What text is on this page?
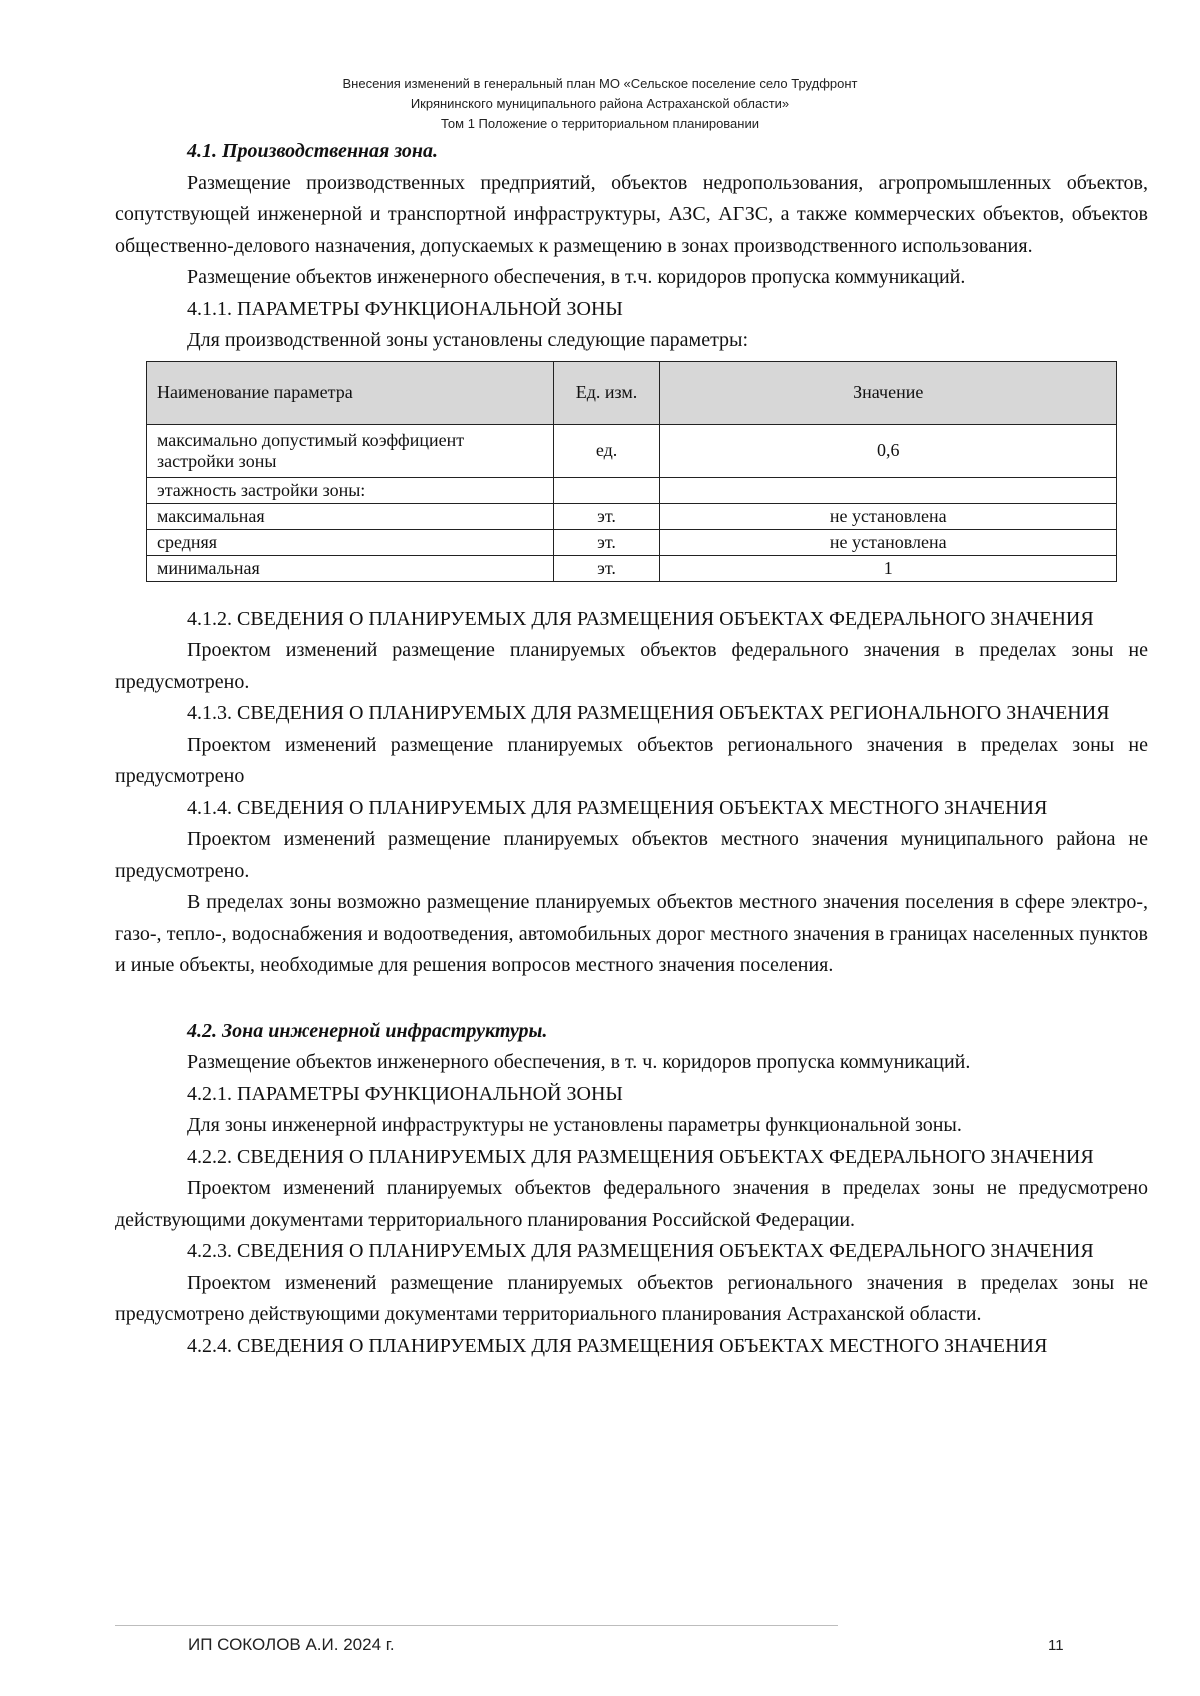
Внесения изменений в генеральный план МО «Сельское поселение село Трудфронт
Икрянинского муниципального района Астраханской области»
Том 1 Положение о территориальном планировании

4.1. Производственная зона.

Размещение производственных предприятий, объектов недропользования, агропромышленных объектов, сопутствующей инженерной и транспортной инфраструктуры, АЗС, АГЗС, а также коммерческих объектов, объектов общественно-делового назначения, допускаемых к размещению в зонах производственного использования.

Размещение объектов инженерного обеспечения, в т.ч. коридоров пропуска коммуникаций.

4.1.1. ПАРАМЕТРЫ ФУНКЦИОНАЛЬНОЙ ЗОНЫ

Для производственной зоны установлены следующие параметры:

Наименование параметра	Ед. изм.	Значение
максимально допустимый коэффициент застройки зоны	ед.	0,6
этажность застройки зоны:		
максимальная	эт.	не установлена
средняя	эт.	не установлена
минимальная	эт.	1

4.1.2. СВЕДЕНИЯ О ПЛАНИРУЕМЫХ ДЛЯ РАЗМЕЩЕНИЯ ОБЪЕКТАХ ФЕДЕРАЛЬНОГО ЗНАЧЕНИЯ

Проектом изменений размещение планируемых объектов федерального значения в пределах зоны не предусмотрено.

4.1.3. СВЕДЕНИЯ О ПЛАНИРУЕМЫХ ДЛЯ РАЗМЕЩЕНИЯ ОБЪЕКТАХ РЕГИОНАЛЬНОГО ЗНАЧЕНИЯ

Проектом изменений размещение планируемых объектов регионального значения в пределах зоны не предусмотрено

4.1.4. СВЕДЕНИЯ О ПЛАНИРУЕМЫХ ДЛЯ РАЗМЕЩЕНИЯ ОБЪЕКТАХ МЕСТНОГО ЗНАЧЕНИЯ

Проектом изменений размещение планируемых объектов местного значения муниципального района не предусмотрено.

В пределах зоны возможно размещение планируемых объектов местного значения поселения в сфере электро-, газо-, тепло-, водоснабжения и водоотведения, автомобильных дорог местного значения в границах населенных пунктов и иные объекты, необходимые для решения вопросов местного значения поселения.

4.2. Зона инженерной инфраструктуры.

Размещение объектов инженерного обеспечения, в т. ч. коридоров пропуска коммуникаций.

4.2.1. ПАРАМЕТРЫ ФУНКЦИОНАЛЬНОЙ ЗОНЫ

Для зоны инженерной инфраструктуры не установлены параметры функциональной зоны.

4.2.2. СВЕДЕНИЯ О ПЛАНИРУЕМЫХ ДЛЯ РАЗМЕЩЕНИЯ ОБЪЕКТАХ ФЕДЕРАЛЬНОГО ЗНАЧЕНИЯ

Проектом изменений планируемых объектов федерального значения в пределах зоны не предусмотрено действующими документами территориального планирования Российской Федерации.

4.2.3. СВЕДЕНИЯ О ПЛАНИРУЕМЫХ ДЛЯ РАЗМЕЩЕНИЯ ОБЪЕКТАХ ФЕДЕРАЛЬНОГО ЗНАЧЕНИЯ

Проектом изменений размещение планируемых объектов регионального значения в пределах зоны не предусмотрено действующими документами территориального планирования Астраханской области.

4.2.4. СВЕДЕНИЯ О ПЛАНИРУЕМЫХ ДЛЯ РАЗМЕЩЕНИЯ ОБЪЕКТАХ МЕСТНОГО ЗНАЧЕНИЯ

ИП СОКОЛОВ А.И. 2024 г.	11
